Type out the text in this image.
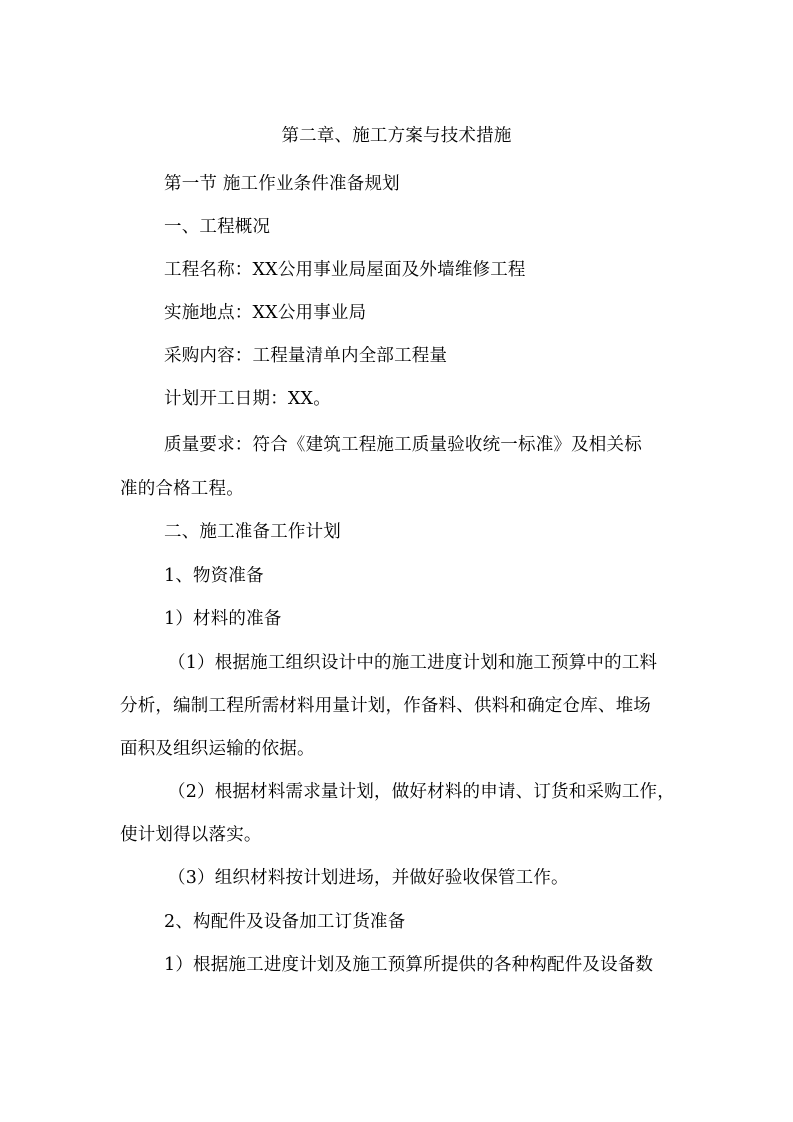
第二章、施工方案与技术措施
第一节 施工作业条件准备规划
一、工程概况
工程名称：XX公用事业局屋面及外墙维修工程
实施地点：XX公用事业局
采购内容：工程量清单内全部工程量
计划开工日期：XX。
质量要求：符合《建筑工程施工质量验收统一标准》及相关标
准的合格工程。
二、施工准备工作计划
1、物资准备
1）材料的准备
（1）根据施工组织设计中的施工进度计划和施工预算中的工料
分析，编制工程所需材料用量计划，作备料、供料和确定仓库、堆场
面积及组织运输的依据。
（2）根据材料需求量计划，做好材料的申请、订货和采购工作，
使计划得以落实。
（3）组织材料按计划进场，并做好验收保管工作。
2、构配件及设备加工订货准备
1）根据施工进度计划及施工预算所提供的各种构配件及设备数
